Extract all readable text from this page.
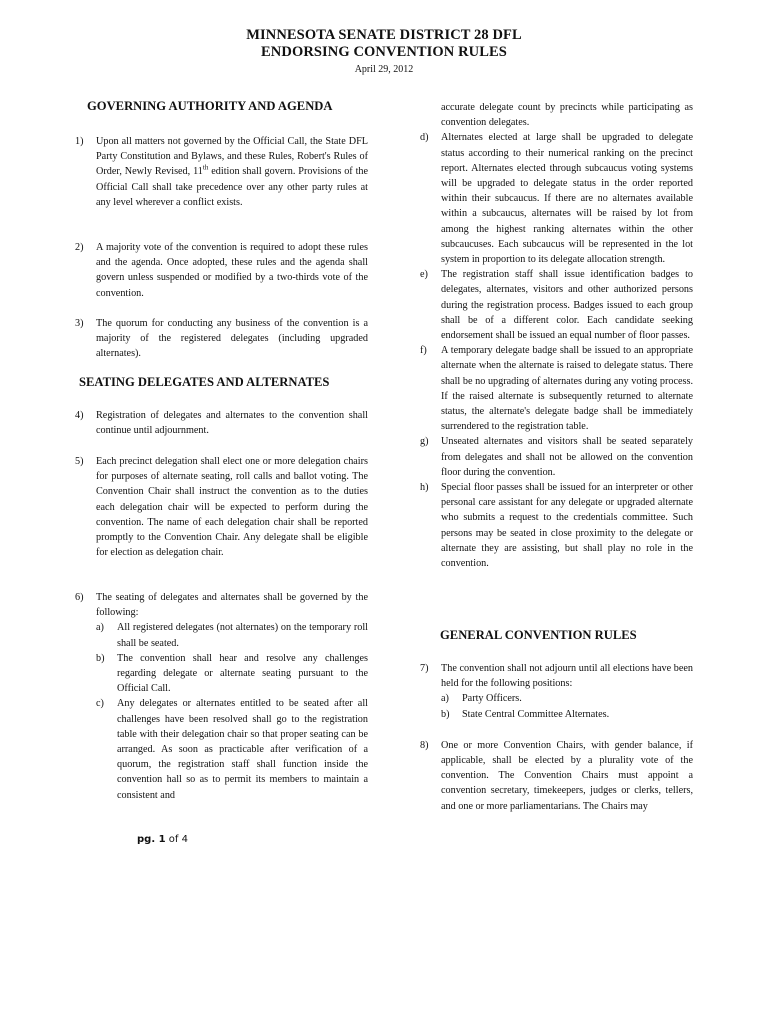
MINNESOTA SENATE DISTRICT 28 DFL
ENDORSING CONVENTION RULES
April 29, 2012
GOVERNING AUTHORITY AND AGENDA
1) Upon all matters not governed by the Official Call, the State DFL Party Constitution and Bylaws, and these Rules, Robert's Rules of Order, Newly Revised, 11th edition shall govern. Provisions of the Official Call shall take precedence over any other party rules at any level wherever a conflict exists.
2) A majority vote of the convention is required to adopt these rules and the agenda. Once adopted, these rules and the agenda shall govern unless suspended or modified by a two-thirds vote of the convention.
3) The quorum for conducting any business of the convention is a majority of the registered delegates (including upgraded alternates).
SEATING DELEGATES AND ALTERNATES
4) Registration of delegates and alternates to the convention shall continue until adjournment.
5) Each precinct delegation shall elect one or more delegation chairs for purposes of alternate seating, roll calls and ballot voting. The Convention Chair shall instruct the convention as to the duties each delegation chair will be expected to perform during the convention. The name of each delegation chair shall be reported promptly to the Convention Chair. Any delegate shall be eligible for election as delegation chair.
6) The seating of delegates and alternates shall be governed by the following:
a) All registered delegates (not alternates) on the temporary roll shall be seated.
b) The convention shall hear and resolve any challenges regarding delegate or alternate seating pursuant to the Official Call.
c) Any delegates or alternates entitled to be seated after all challenges have been resolved shall go to the registration table with their delegation chair so that proper seating can be arranged. As soon as practicable after verification of a quorum, the registration staff shall function inside the convention hall so as to permit its members to maintain a consistent and
accurate delegate count by precincts while participating as convention delegates.
d) Alternates elected at large shall be upgraded to delegate status according to their numerical ranking on the precinct report. Alternates elected through subcaucus voting systems will be upgraded to delegate status in the order reported within their subcaucus. If there are no alternates available within a subcaucus, alternates will be raised by lot from among the highest ranking alternates within the other subcaucuses. Each subcaucus will be represented in the lot system in proportion to its delegate allocation strength.
e) The registration staff shall issue identification badges to delegates, alternates, visitors and other authorized persons during the registration process. Badges issued to each group shall be of a different color. Each candidate seeking endorsement shall be issued an equal number of floor passes.
f) A temporary delegate badge shall be issued to an appropriate alternate when the alternate is raised to delegate status. There shall be no upgrading of alternates during any voting process. If the raised alternate is subsequently returned to alternate status, the alternate's delegate badge shall be immediately surrendered to the registration table.
g) Unseated alternates and visitors shall be seated separately from delegates and shall not be allowed on the convention floor during the convention.
h) Special floor passes shall be issued for an interpreter or other personal care assistant for any delegate or upgraded alternate who submits a request to the credentials committee. Such persons may be seated in close proximity to the delegate or alternate they are assisting, but shall play no role in the convention.
GENERAL CONVENTION RULES
7) The convention shall not adjourn until all elections have been held for the following positions:
a) Party Officers.
b) State Central Committee Alternates.
8) One or more Convention Chairs, with gender balance, if applicable, shall be elected by a plurality vote of the convention. The Convention Chairs must appoint a convention secretary, timekeepers, judges or clerks, tellers, and one or more parliamentarians. The Chairs may
pg. 1 of 4
